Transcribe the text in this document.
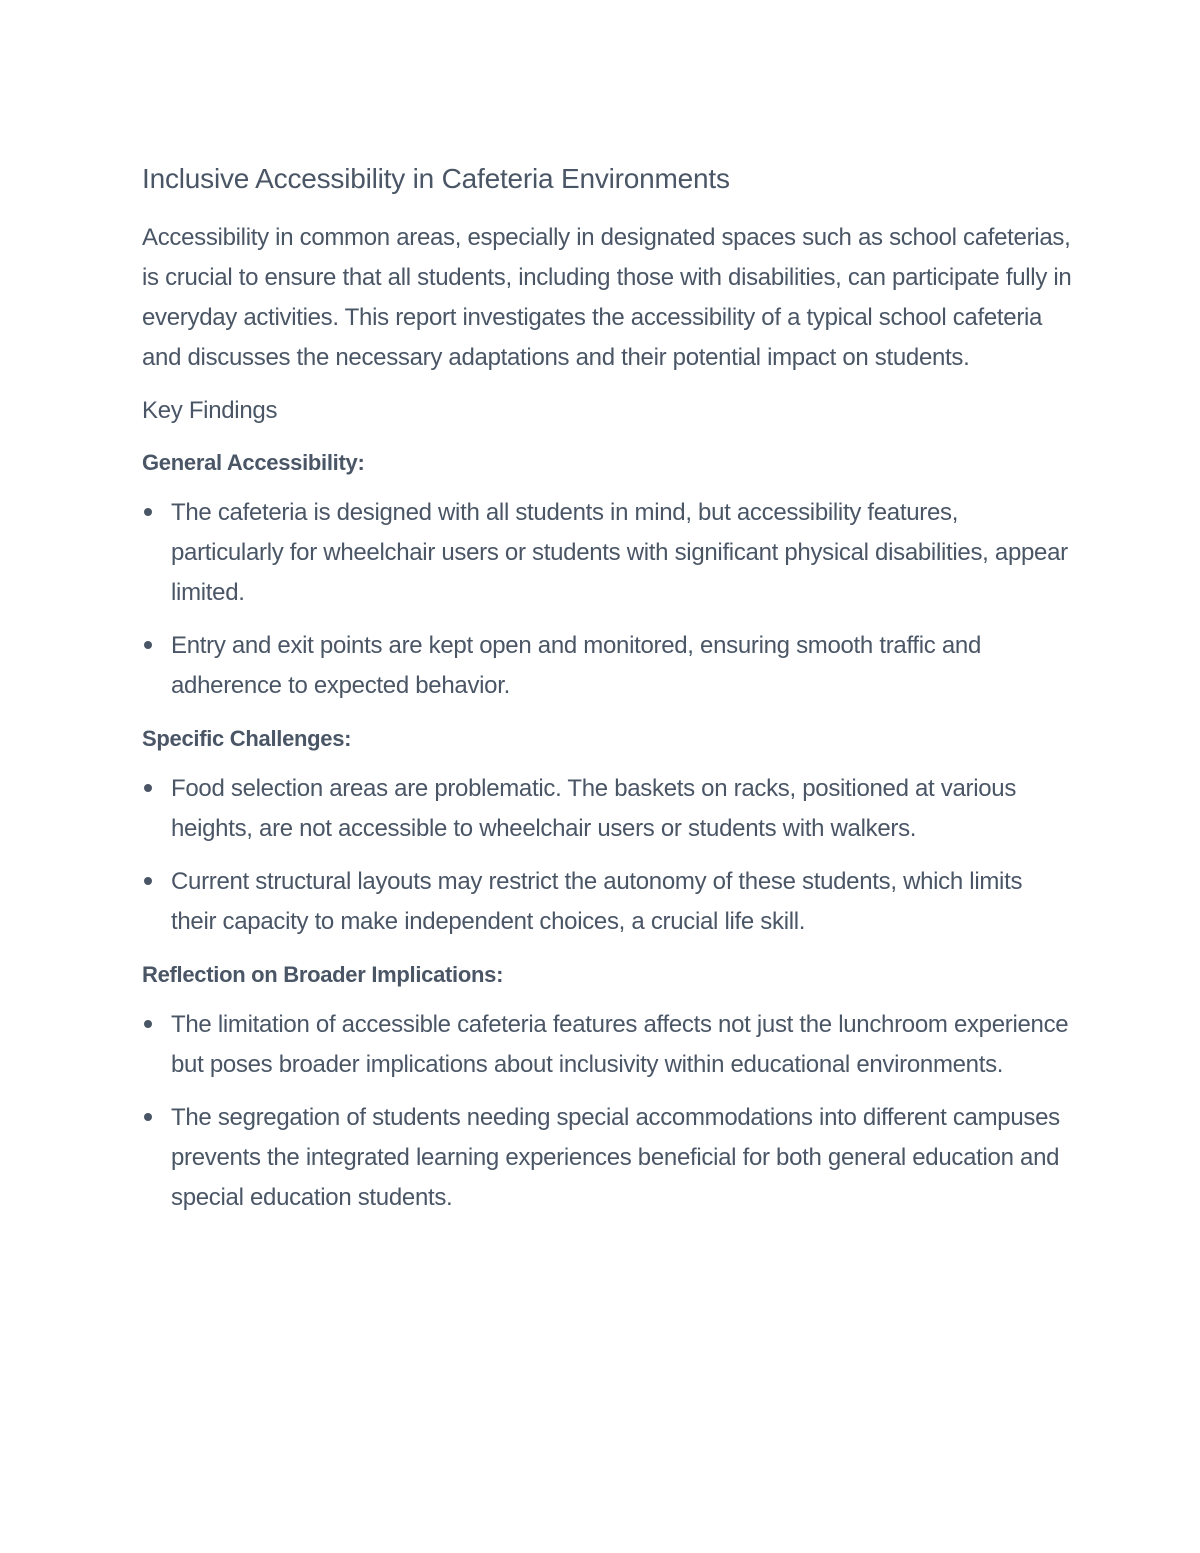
Inclusive Accessibility in Cafeteria Environments

Accessibility in common areas, especially in designated spaces such as school cafeterias, is crucial to ensure that all students, including those with disabilities, can participate fully in everyday activities. This report investigates the accessibility of a typical school cafeteria and discusses the necessary adaptations and their potential impact on students.

Key Findings

General Accessibility:

The cafeteria is designed with all students in mind, but accessibility features, particularly for wheelchair users or students with significant physical disabilities, appear limited.
Entry and exit points are kept open and monitored, ensuring smooth traffic and adherence to expected behavior.

Specific Challenges:

Food selection areas are problematic. The baskets on racks, positioned at various heights, are not accessible to wheelchair users or students with walkers.
Current structural layouts may restrict the autonomy of these students, which limits their capacity to make independent choices, a crucial life skill.

Reflection on Broader Implications:

The limitation of accessible cafeteria features affects not just the lunchroom experience but poses broader implications about inclusivity within educational environments.
The segregation of students needing special accommodations into different campuses prevents the integrated learning experiences beneficial for both general education and special education students.
